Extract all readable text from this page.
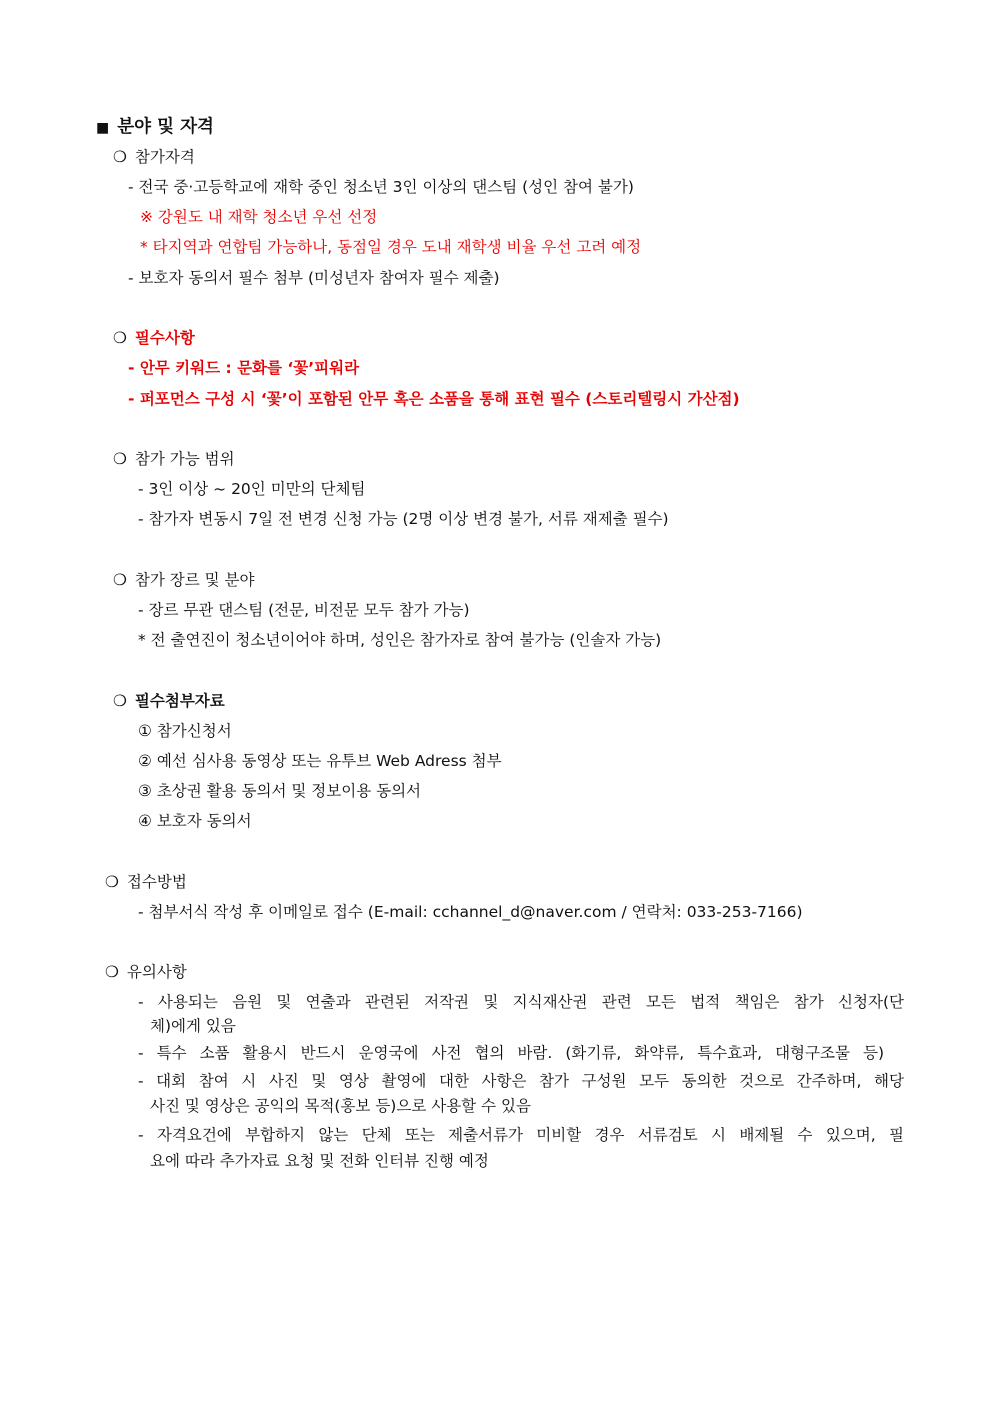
■ 분야 및 자격
❍ 참가자격
- 전국 중·고등학교에 재학 중인 청소년 3인 이상의 댄스팀 (성인 참여 불가)
※ 강원도 내 재학 청소년 우선 선정
* 타지역과 연합팀 가능하나, 동점일 경우 도내 재학생 비율 우선 고려 예정
- 보호자 동의서 필수 첨부 (미성년자 참여자 필수 제출)
❍ 필수사항
- 안무 키워드 : 문화를 ‘꽃’피워라
- 퍼포먼스 구성 시 ‘꽃’이 포함된 안무 혹은 소품을 통해 표현 필수 (스토리텔링시 가산점)
❍ 참가 가능 범위
- 3인 이상 ~ 20인 미만의 단체팀
- 참가자 변동시 7일 전 변경 신청 가능 (2명 이상 변경 불가, 서류 재제출 필수)
❍ 참가 장르 및 분야
- 장르 무관 댄스팀 (전문, 비전문 모두 참가 가능)
* 전 출연진이 청소년이어야 하며, 성인은 참가자로 참여 불가능 (인솔자 가능)
❍ 필수첨부자료
① 참가신청서
② 예선 심사용 동영상 또는 유투브 Web Adress 첨부
③ 초상권 활용 동의서 및 정보이용 동의서
④ 보호자 동의서
❍ 접수방법
- 첨부서식 작성 후 이메일로 접수 (E-mail: cchannel_d@naver.com / 연락처: 033-253-7166)
❍ 유의사항
- 사용되는 음원 및 연출과 관련된 저작권 및 지식재산권 관련 모든 법적 책임은 참가 신청자(단
체)에게 있음
- 특수 소품 활용시 반드시 운영국에 사전 협의 바람. (화기류, 화약류, 특수효과, 대형구조물 등)
- 대회 참여 시 사진 및 영상 촬영에 대한 사항은 참가 구성원 모두 동의한 것으로 간주하며, 해당
사진 및 영상은 공익의 목적(홍보 등)으로 사용할 수 있음
- 자격요건에 부합하지 않는 단체 또는 제출서류가 미비할 경우 서류검토 시 배제될 수 있으며, 필
요에 따라 추가자료 요청 및 전화 인터뷰 진행 예정
